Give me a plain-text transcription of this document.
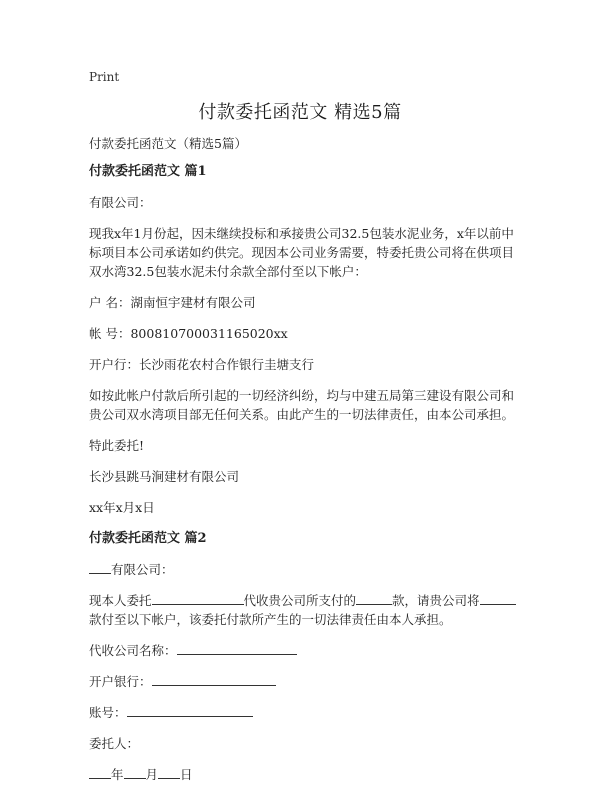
Print
付款委托函范文 精选5篇

付款委托函范文（精选5篇）

付款委托函范文 篇1

有限公司：

现我x年1月份起，因未继续投标和承接贵公司32.5包装水泥业务，x年以前中标项目本公司承诺如约供完。现因本公司业务需要，特委托贵公司将在供项目双水湾32.5包装水泥未付余款全部付至以下帐户：

户 名：湖南恒宇建材有限公司

帐 号：800810700031165020xx

开户行：长沙雨花农村合作银行圭塘支行

如按此帐户付款后所引起的一切经济纠纷，均与中建五局第三建设有限公司和贵公司双水湾项目部无任何关系。由此产生的一切法律责任，由本公司承担。

特此委托!

长沙县跳马涧建材有限公司

xx年x月x日

付款委托函范文 篇2

有限公司：

现本人委托	代收贵公司所支付的	款，请贵公司将款付至以下帐户，该委托付款所产生的一切法律责任由本人承担。

代收公司名称：

开户银行：

账号：

委托人：

年 月 日
